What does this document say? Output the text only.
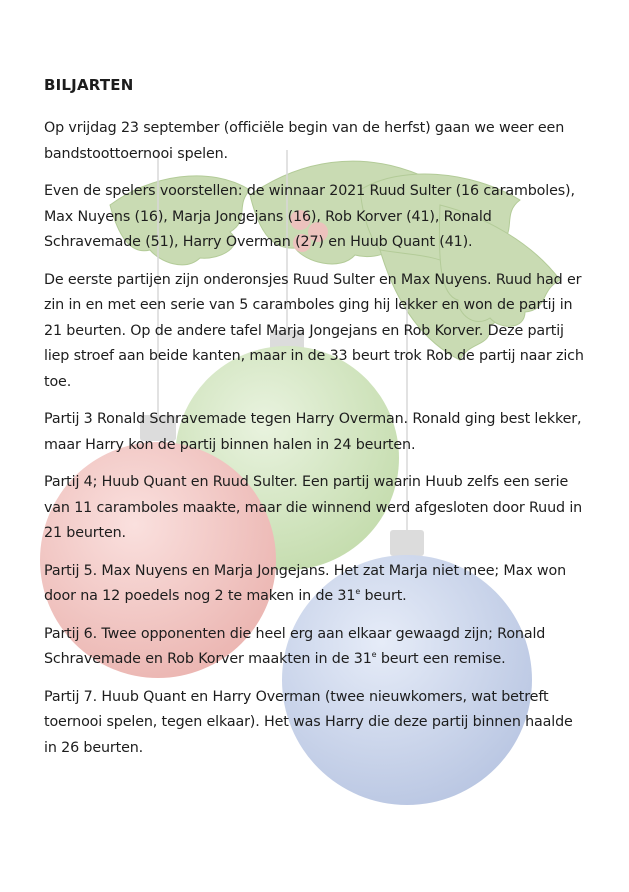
BILJARTEN

Op vrijdag 23 september (officiële begin van de herfst) gaan we weer een bandstoottoernooi spelen.

Even de spelers voorstellen: de winnaar 2021 Ruud Sulter (16 caramboles), Max Nuyens (16), Marja Jongejans (16), Rob Korver (41), Ronald Schravemade (51), Harry Overman (27) en Huub Quant (41).

De eerste partijen zijn onderonsjes Ruud Sulter en Max Nuyens. Ruud had er zin in en met een serie van 5 caramboles ging hij lekker en won de partij in 21 beurten. Op de andere tafel Marja Jongejans en Rob Korver. Deze partij liep stroef aan beide kanten, maar in de 33 beurt trok Rob de partij naar zich toe.

Partij 3 Ronald Schravemade tegen Harry Overman. Ronald ging best lekker, maar Harry kon de partij binnen halen in 24 beurten.

Partij 4; Huub Quant en Ruud Sulter. Een partij waarin Huub zelfs een serie van 11 caramboles maakte, maar die winnend werd afgesloten door Ruud in 21 beurten.

Partij 5. Max Nuyens en Marja Jongejans. Het zat Marja niet mee; Max won door na 12 poedels nog 2 te maken in de 31e beurt.

Partij 6. Twee opponenten die heel erg aan elkaar gewaagd zijn; Ronald Schravemade en Rob Korver maakten in de 31e beurt een remise.

Partij 7. Huub Quant en Harry Overman (twee nieuwkomers, wat betreft toernooi spelen, tegen elkaar). Het was Harry die deze partij binnen haalde in 26 beurten.
